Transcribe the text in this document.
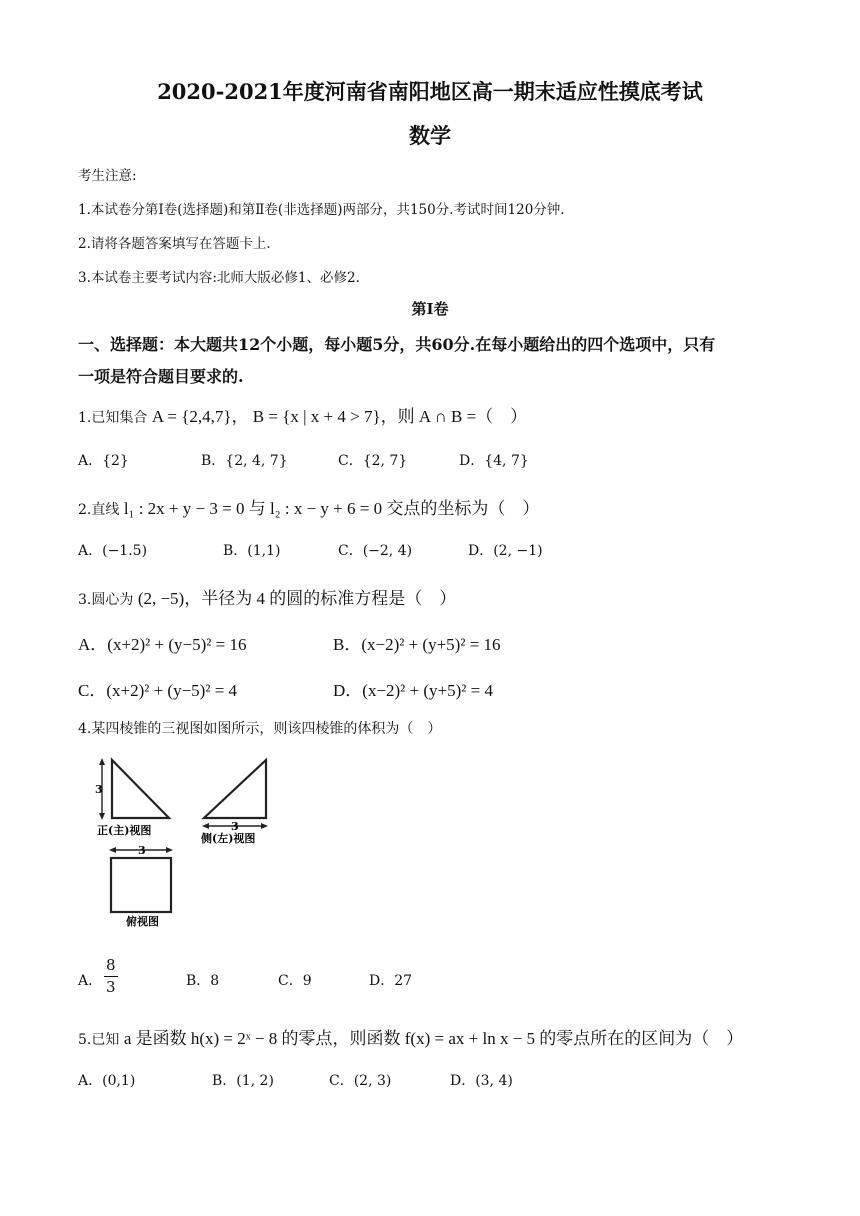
2020-2021年度河南省南阳地区高一期末适应性摸底考试
数学
考生注意:
1.本试卷分第Ⅰ卷(选择题)和第Ⅱ卷(非选择题)两部分，共150分.考试时间120分钟.
2.请将各题答案填写在答题卡上.
3.本试卷主要考试内容:北师大版必修1、必修2.
第Ⅰ卷
一、选择题：本大题共12个小题，每小题5分，共60分.在每小题给出的四个选项中，只有
一项是符合题目要求的.
1.已知集合 A = {2,4,7}， B = {x | x + 4 > 7}，则 A ∩ B =（　）
A．{2}	B．{2, 4, 7}	C．{2, 7}	D．{4, 7}
2.直线 l₁ : 2x + y − 3 = 0 与 l₂ : x − y + 6 = 0 交点的坐标为（　）
A．(−1.5)	B．(1,1)	C．(−2, 4)	D．(2, −1)
3.圆心为 (2, −5)，半径为 4 的圆的标准方程是（　）
A．(x+2)² + (y−5)² = 16	B．(x−2)² + (y+5)² = 16
C．(x+2)² + (y−5)² = 4	D．(x−2)² + (y+5)² = 4
4.某四棱锥的三视图如图所示，则该四棱锥的体积为（　）
3
正(主)视图	3
侧(左)视图
3
俯视图
A． $\frac{8}{3}$	B．8	C．9	D．27
5.已知 a 是函数 h(x) = 2ˣ − 8 的零点，则函数 f(x) = ax + ln x − 5 的零点所在的区间为（　）
A．(0,1)	B．(1, 2)	C．(2, 3)	D．(3, 4)
